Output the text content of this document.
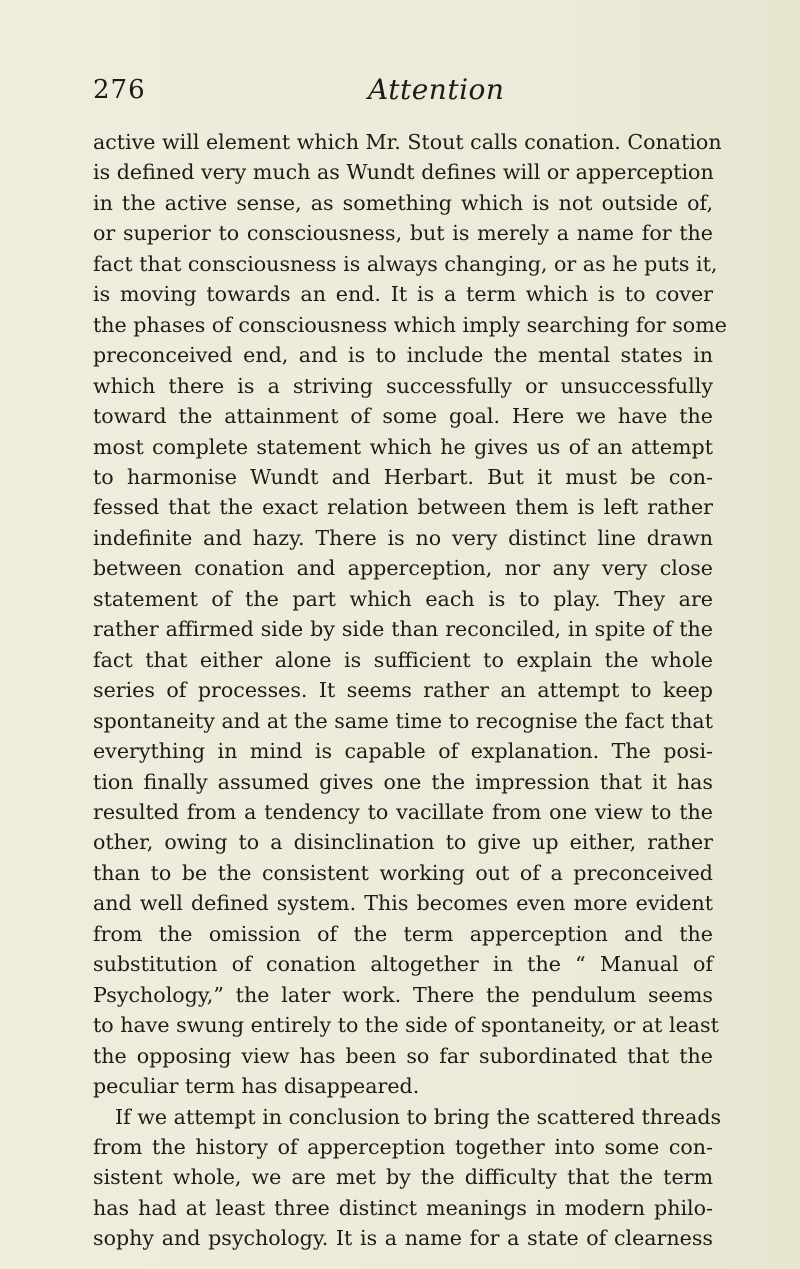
276	Attention
active will element which Mr. Stout calls conation. Conation
is defined very much as Wundt defines will or apperception
in the active sense, as something which is not outside of,
or superior to consciousness, but is merely a name for the
fact that consciousness is always changing, or as he puts it,
is moving towards an end. It is a term which is to cover
the phases of consciousness which imply searching for some
preconceived end, and is to include the mental states in
which there is a striving successfully or unsuccessfully
toward the attainment of some goal. Here we have the
most complete statement which he gives us of an attempt
to harmonise Wundt and Herbart. But it must be con-
fessed that the exact relation between them is left rather
indefinite and hazy. There is no very distinct line drawn
between conation and apperception, nor any very close
statement of the part which each is to play. They are
rather affirmed side by side than reconciled, in spite of the
fact that either alone is sufficient to explain the whole
series of processes. It seems rather an attempt to keep
spontaneity and at the same time to recognise the fact that
everything in mind is capable of explanation. The posi-
tion finally assumed gives one the impression that it has
resulted from a tendency to vacillate from one view to the
other, owing to a disinclination to give up either, rather
than to be the consistent working out of a preconceived
and well defined system. This becomes even more evident
from the omission of the term apperception and the
substitution of conation altogether in the “ Manual of
Psychology,” the later work. There the pendulum seems
to have swung entirely to the side of spontaneity, or at least
the opposing view has been so far subordinated that the
peculiar term has disappeared.
If we attempt in conclusion to bring the scattered threads
from the history of apperception together into some con-
sistent whole, we are met by the difficulty that the term
has had at least three distinct meanings in modern philo-
sophy and psychology. It is a name for a state of clearness
